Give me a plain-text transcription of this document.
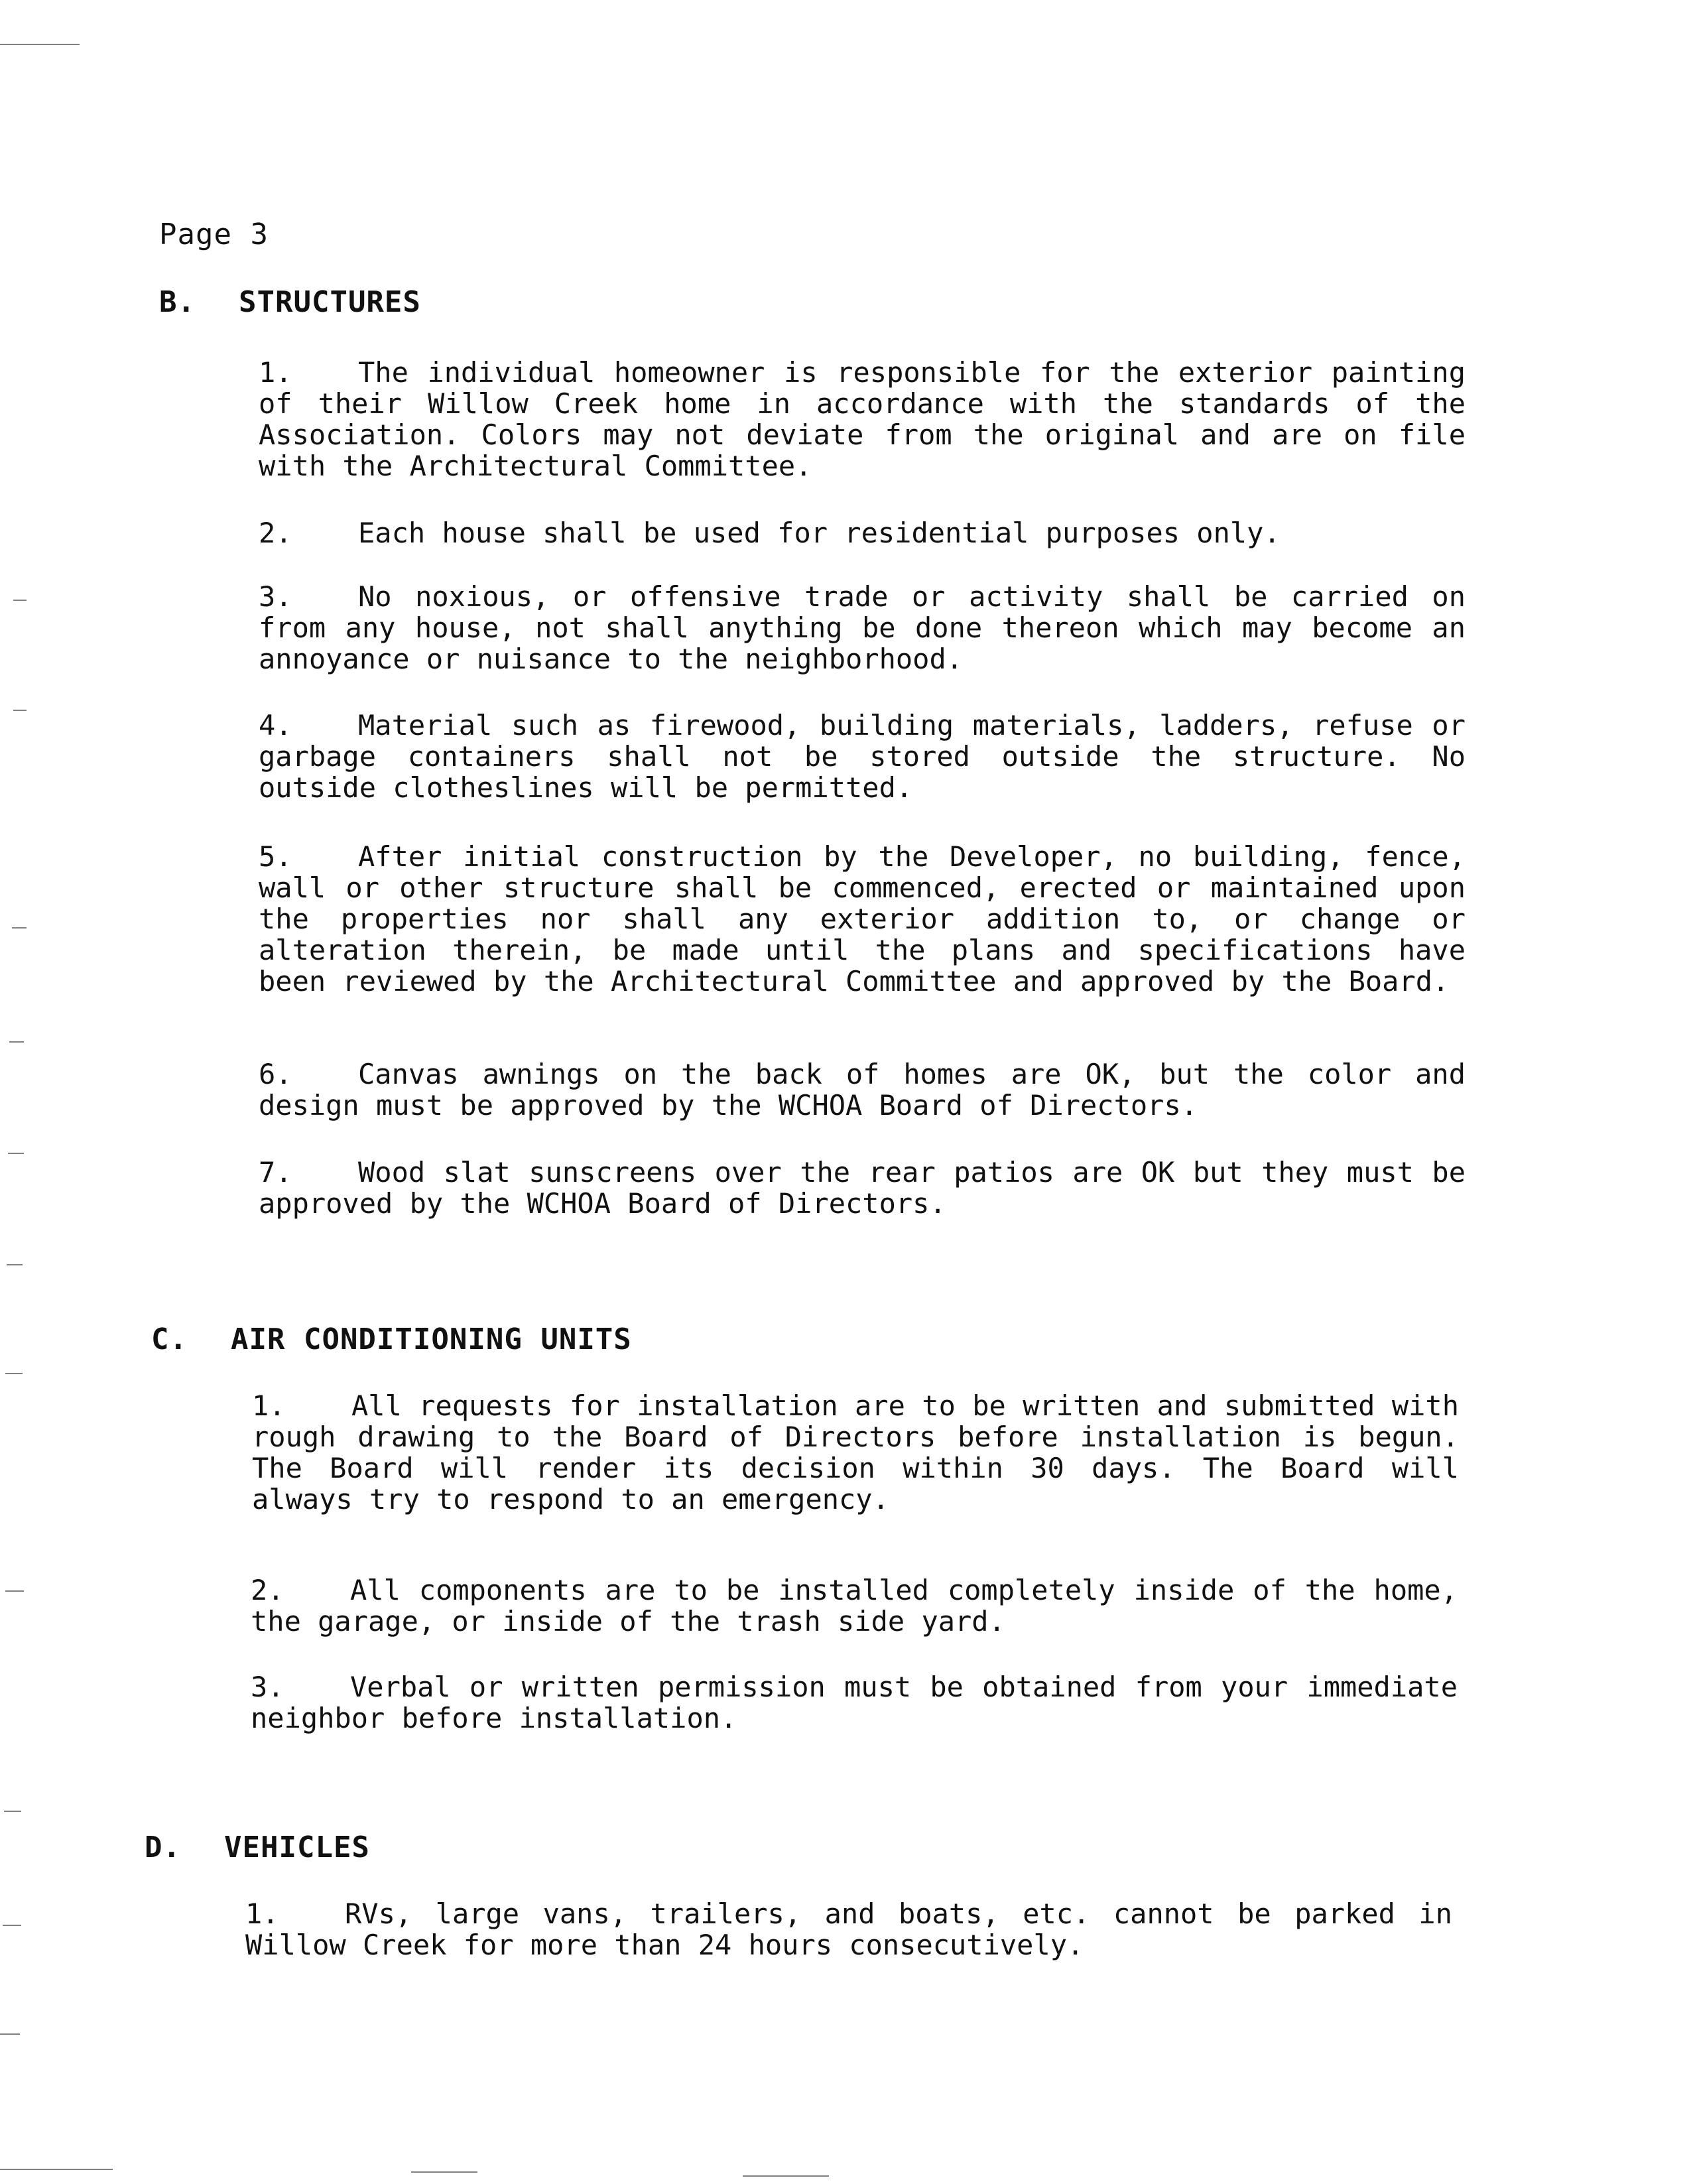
Page 3
B. STRUCTURES
1. The individual homeowner is responsible for the exterior painting of their Willow Creek home in accordance with the standards of the Association. Colors may not deviate from the original and are on file with the Architectural Committee.
2. Each house shall be used for residential purposes only.
3. No noxious, or offensive trade or activity shall be carried on from any house, not shall anything be done thereon which may become an annoyance or nuisance to the neighborhood.
4. Material such as firewood, building materials, ladders, refuse or garbage containers shall not be stored outside the structure. No outside clotheslines will be permitted.
5. After initial construction by the Developer, no building, fence, wall or other structure shall be commenced, erected or maintained upon the properties nor shall any exterior addition to, or change or alteration therein, be made until the plans and specifications have been reviewed by the Architectural Committee and approved by the Board.
6. Canvas awnings on the back of homes are OK, but the color and design must be approved by the WCHOA Board of Directors.
7. Wood slat sunscreens over the rear patios are OK but they must be approved by the WCHOA Board of Directors.
C. AIR CONDITIONING UNITS
1. All requests for installation are to be written and submitted with rough drawing to the Board of Directors before installation is begun. The Board will render its decision within 30 days. The Board will always try to respond to an emergency.
2. All components are to be installed completely inside of the home, the garage, or inside of the trash side yard.
3. Verbal or written permission must be obtained from your immediate neighbor before installation.
D. VEHICLES
1. RVs, large vans, trailers, and boats, etc. cannot be parked in Willow Creek for more than 24 hours consecutively.
